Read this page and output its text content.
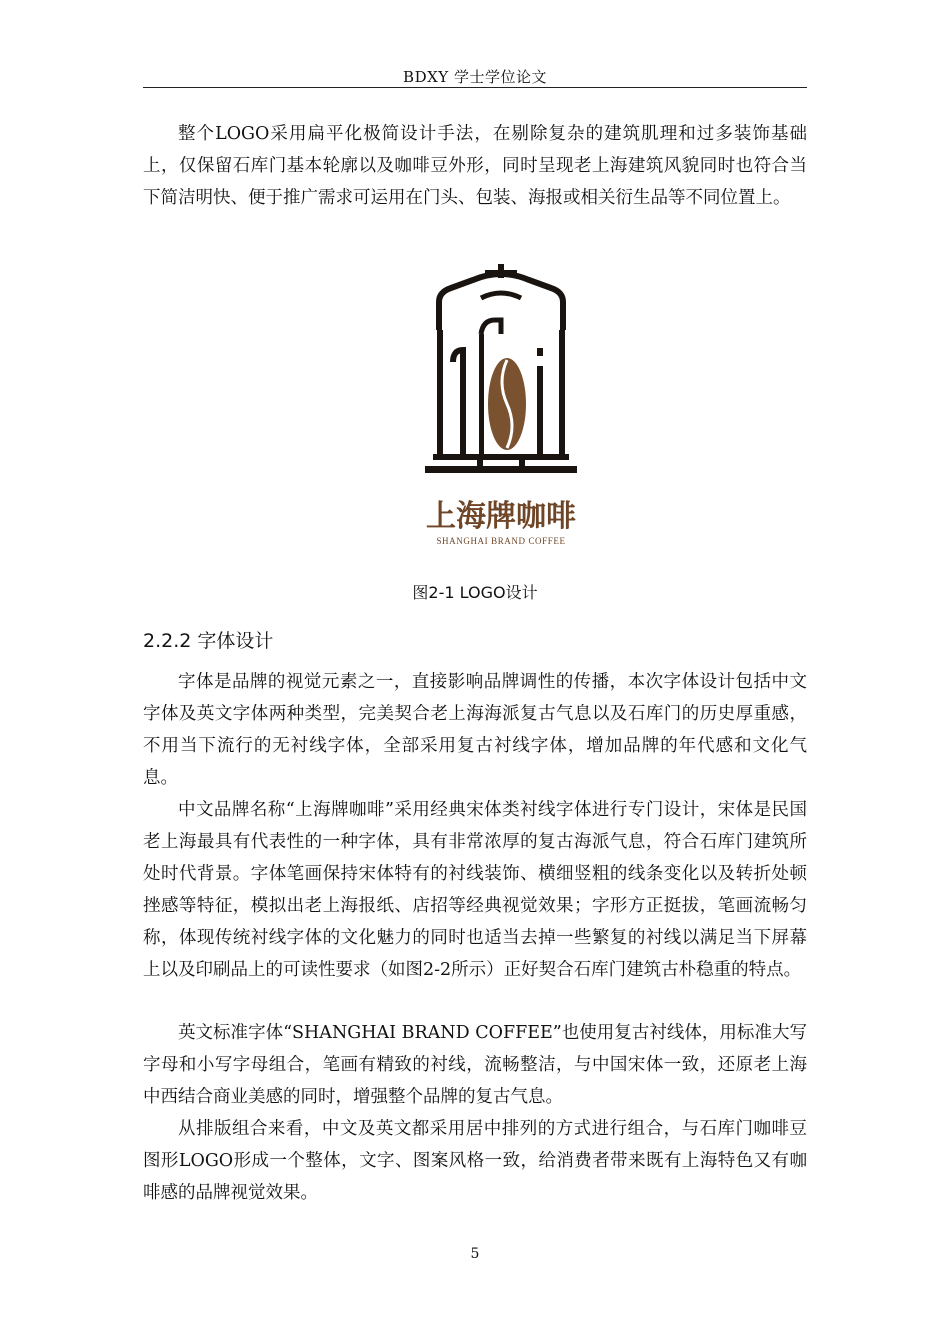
BDXY 学士学位论文

整个LOGO采用扁平化极简设计手法，在剔除复杂的建筑肌理和过多装饰基础上，仅保留石库门基本轮廓以及咖啡豆外形，同时呈现老上海建筑风貌同时也符合当下简洁明快、便于推广需求可运用在门头、包装、海报或相关衍生品等不同位置上。

上海牌咖啡
SHANGHAI BRAND COFFEE
图2-1 LOGO设计
2.2.2 字体设计

字体是品牌的视觉元素之一，直接影响品牌调性的传播，本次字体设计包括中文字体及英文字体两种类型，完美契合老上海海派复古气息以及石库门的历史厚重感，不用当下流行的无衬线字体，全部采用复古衬线字体，增加品牌的年代感和文化气息。

中文品牌名称“上海牌咖啡”采用经典宋体类衬线字体进行专门设计，宋体是民国老上海最具有代表性的一种字体，具有非常浓厚的复古海派气息，符合石库门建筑所处时代背景。字体笔画保持宋体特有的衬线装饰、横细竖粗的线条变化以及转折处顿挫感等特征，模拟出老上海报纸、店招等经典视觉效果；字形方正挺拔，笔画流畅匀称，体现传统衬线字体的文化魅力的同时也适当去掉一些繁复的衬线以满足当下屏幕上以及印刷品上的可读性要求（如图2-2所示）正好契合石库门建筑古朴稳重的特点。

英文标准字体“SHANGHAI BRAND COFFEE”也使用复古衬线体，用标准大写字母和小写字母组合，笔画有精致的衬线，流畅整洁，与中国宋体一致，还原老上海中西结合商业美感的同时，增强整个品牌的复古气息。

从排版组合来看，中文及英文都采用居中排列的方式进行组合，与石库门咖啡豆图形LOGO形成一个整体，文字、图案风格一致，给消费者带来既有上海特色又有咖啡感的品牌视觉效果。

5
